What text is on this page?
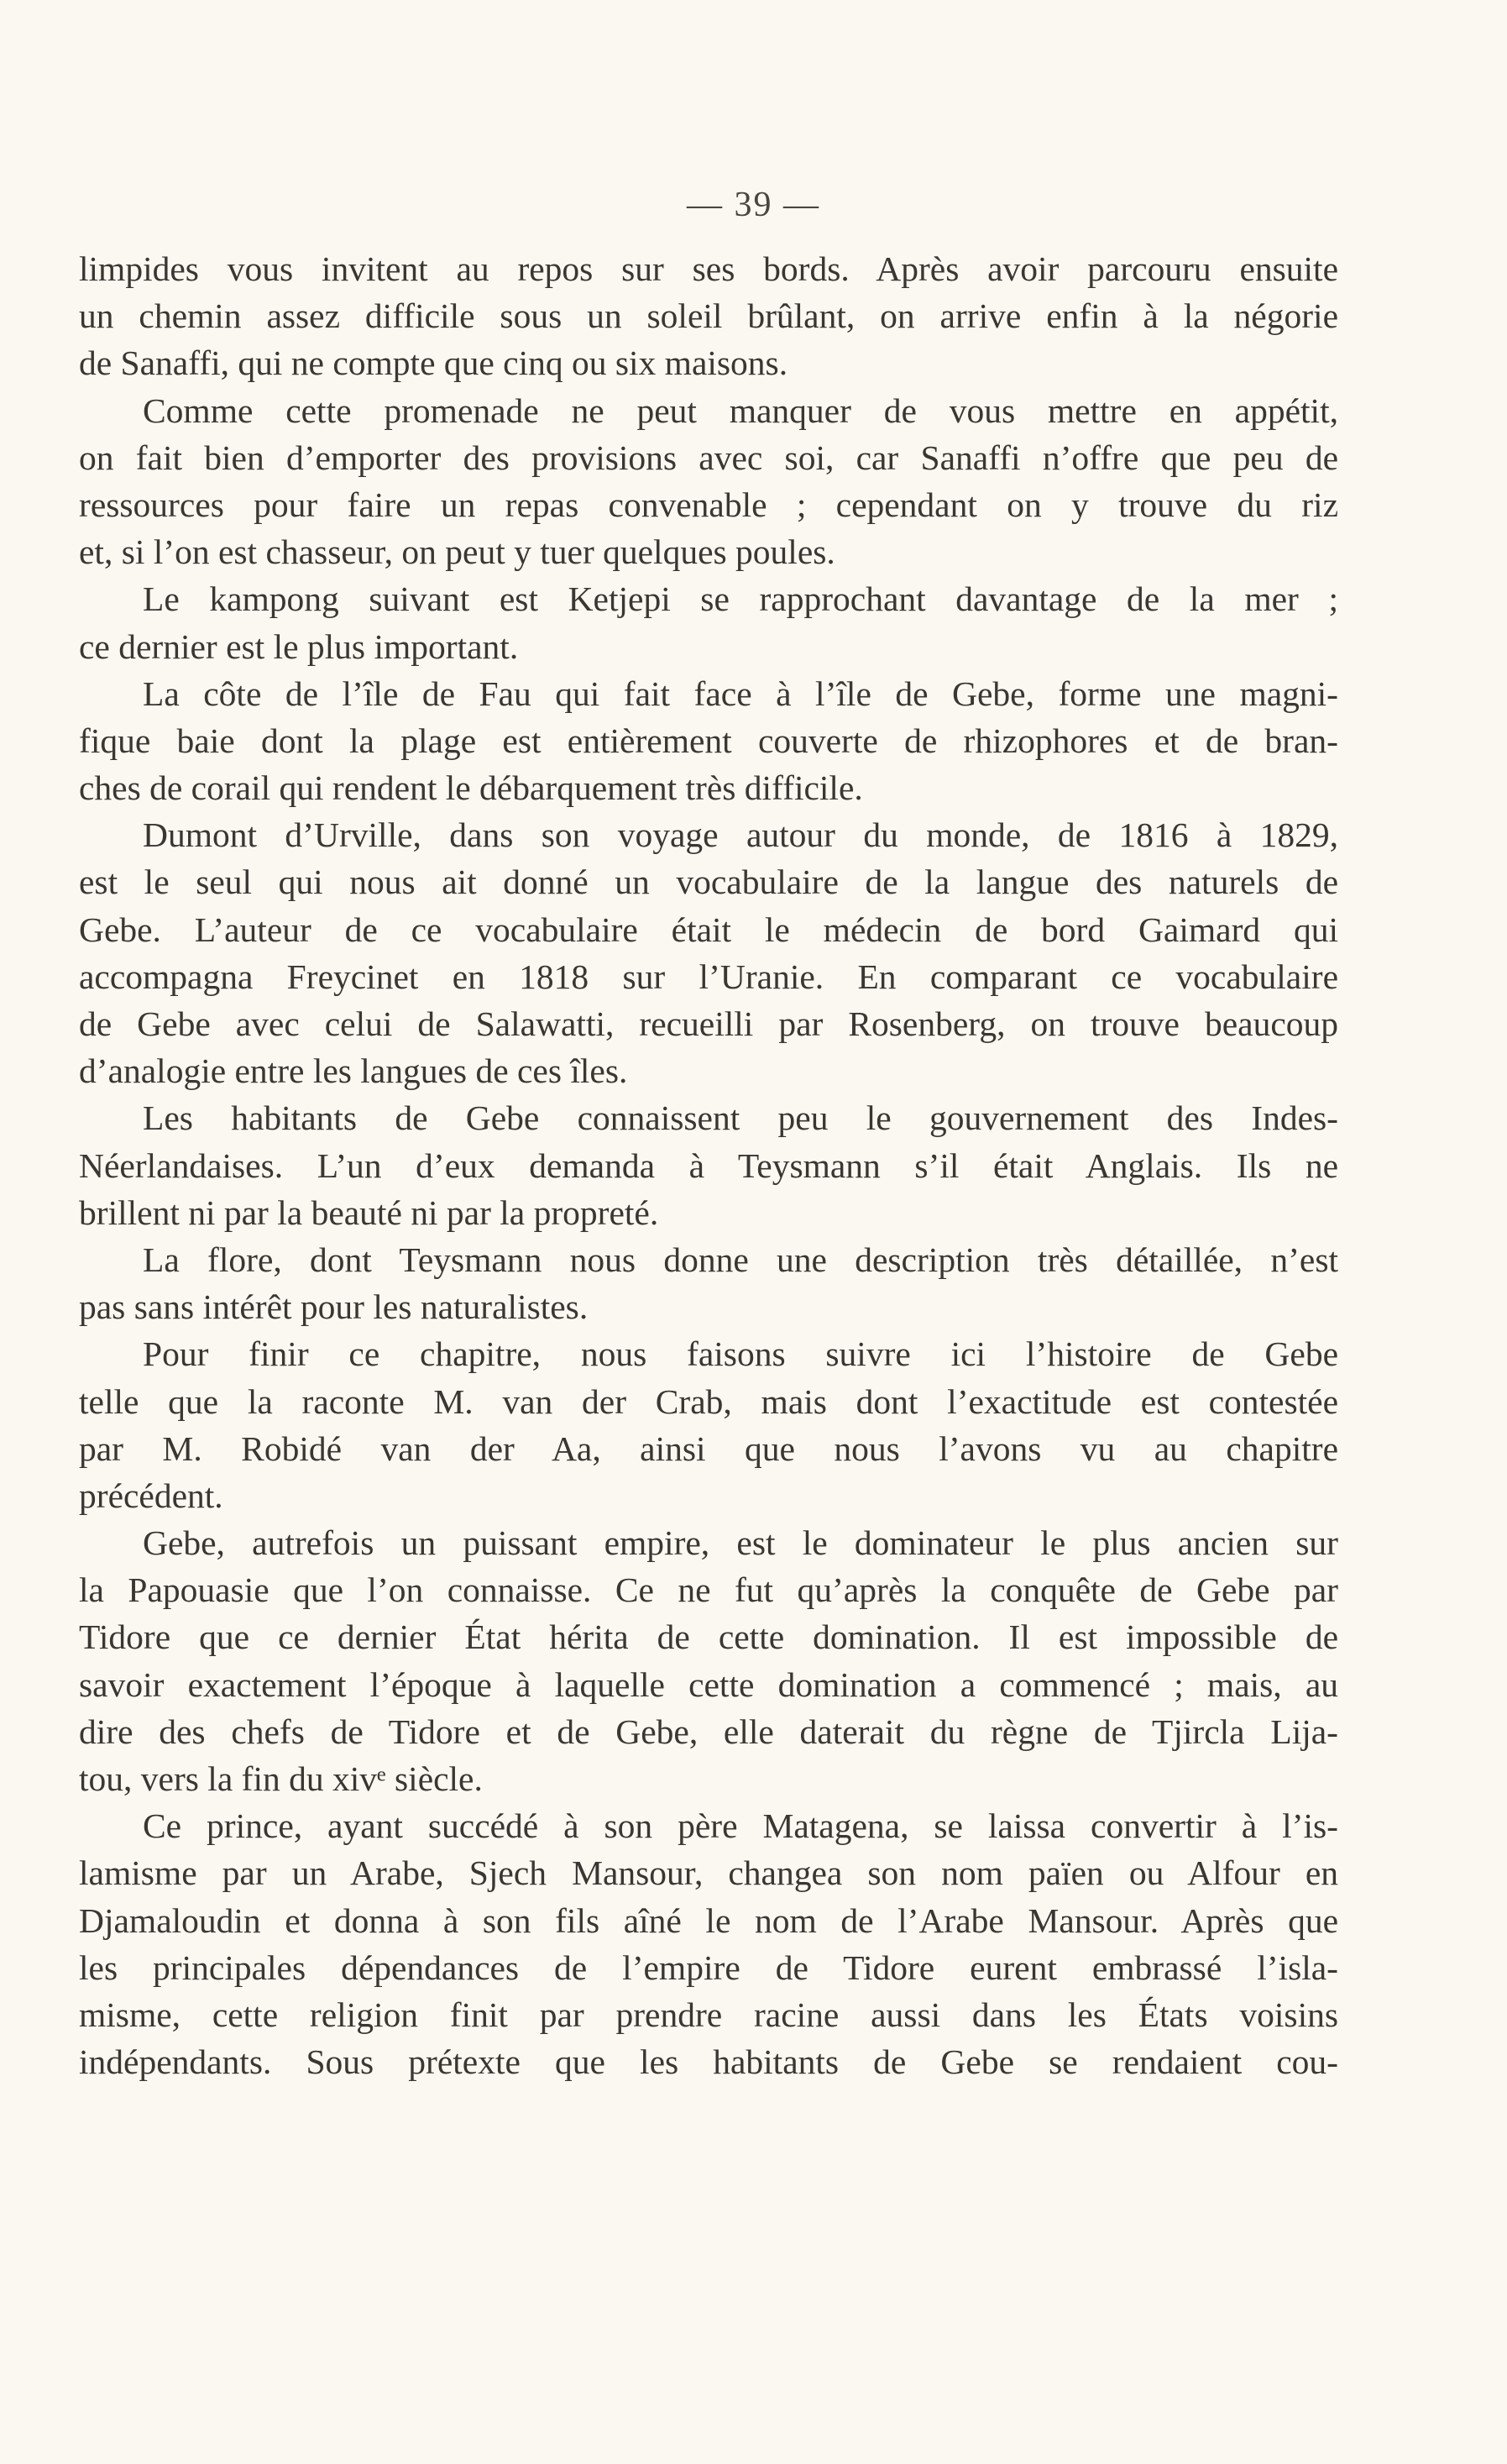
— 39 —
limpides vous invitent au repos sur ses bords. Après avoir parcouru ensuite
un chemin assez difficile sous un soleil brûlant, on arrive enfin à la négorie
de Sanaffi, qui ne compte que cinq ou six maisons.
Comme cette promenade ne peut manquer de vous mettre en appétit,
on fait bien d’emporter des provisions avec soi, car Sanaffi n’offre que peu de
ressources pour faire un repas convenable ; cependant on y trouve du riz
et, si l’on est chasseur, on peut y tuer quelques poules.
Le kampong suivant est Ketjepi se rapprochant davantage de la mer ;
ce dernier est le plus important.
La côte de l’île de Fau qui fait face à l’île de Gebe, forme une magni-
fique baie dont la plage est entièrement couverte de rhizophores et de bran-
ches de corail qui rendent le débarquement très difficile.
Dumont d’Urville, dans son voyage autour du monde, de 1816 à 1829,
est le seul qui nous ait donné un vocabulaire de la langue des naturels de
Gebe. L’auteur de ce vocabulaire était le médecin de bord Gaimard qui
accompagna Freycinet en 1818 sur l’Uranie. En comparant ce vocabulaire
de Gebe avec celui de Salawatti, recueilli par Rosenberg, on trouve beaucoup
d’analogie entre les langues de ces îles.
Les habitants de Gebe connaissent peu le gouvernement des Indes-
Néerlandaises. L’un d’eux demanda à Teysmann s’il était Anglais. Ils ne
brillent ni par la beauté ni par la propreté.
La flore, dont Teysmann nous donne une description très détaillée, n’est
pas sans intérêt pour les naturalistes.
Pour finir ce chapitre, nous faisons suivre ici l’histoire de Gebe
telle que la raconte M. van der Crab, mais dont l’exactitude est contestée
par M. Robidé van der Aa, ainsi que nous l’avons vu au chapitre
précédent.
Gebe, autrefois un puissant empire, est le dominateur le plus ancien sur
la Papouasie que l’on connaisse. Ce ne fut qu’après la conquête de Gebe par
Tidore que ce dernier État hérita de cette domination. Il est impossible de
savoir exactement l’époque à laquelle cette domination a commencé ; mais, au
dire des chefs de Tidore et de Gebe, elle daterait du règne de Tjircla Lija-
tou, vers la fin du xivᵉ siècle.
Ce prince, ayant succédé à son père Matagena, se laissa convertir à l’is-
lamisme par un Arabe, Sjech Mansour, changea son nom païen ou Alfour en
Djamaloudin et donna à son fils aîné le nom de l’Arabe Mansour. Après que
les principales dépendances de l’empire de Tidore eurent embrassé l’isla-
misme, cette religion finit par prendre racine aussi dans les États voisins
indépendants. Sous prétexte que les habitants de Gebe se rendaient cou-
